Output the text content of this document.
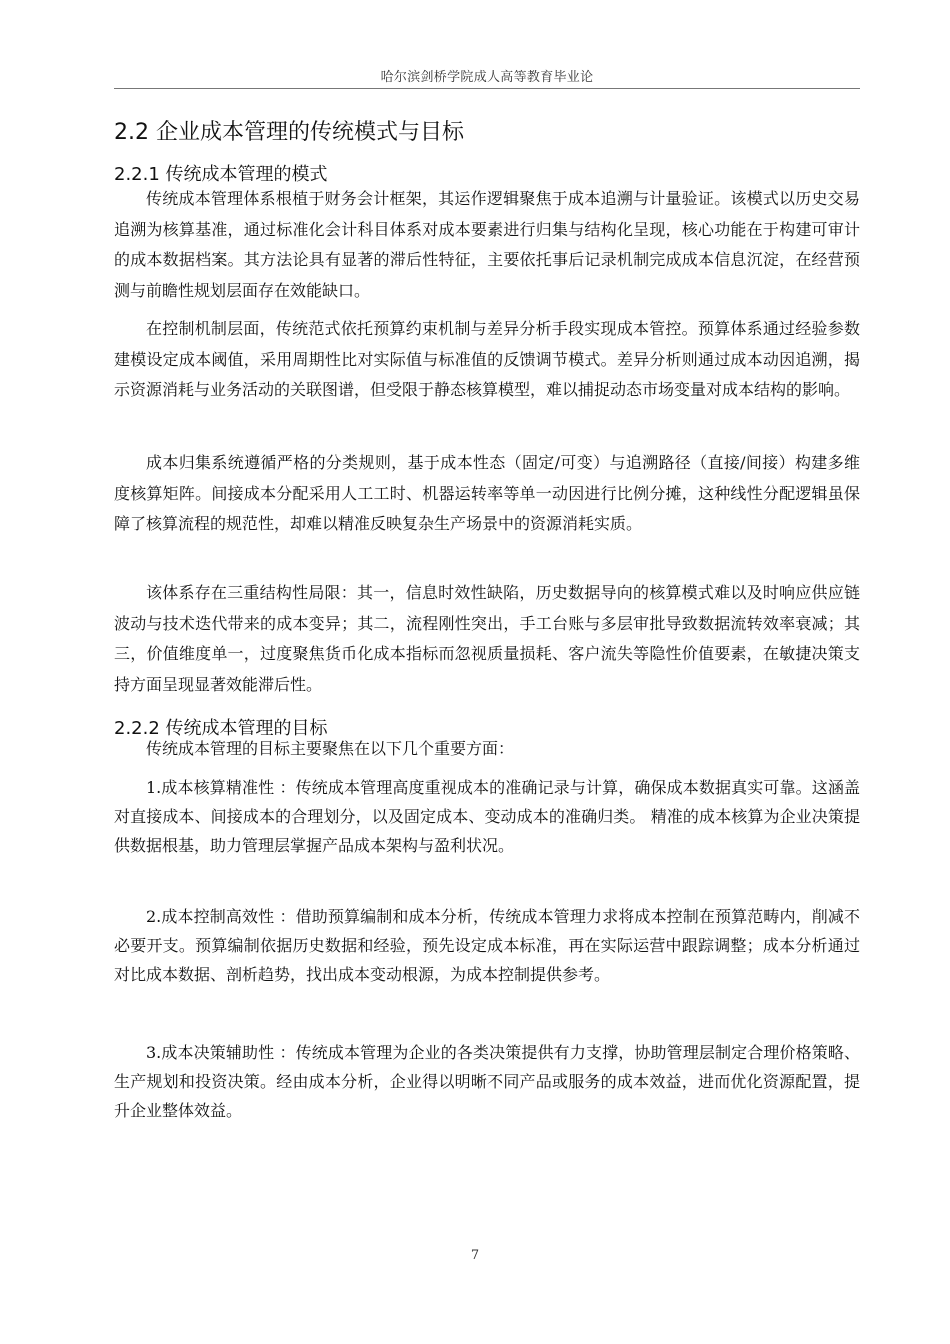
哈尔滨剑桥学院成人高等教育毕业论
2.2 企业成本管理的传统模式与目标
2.2.1 传统成本管理的模式

传统成本管理体系根植于财务会计框架，其运作逻辑聚焦于成本追溯与计量验证。该模式以历史交易追溯为核算基准，通过标准化会计科目体系对成本要素进行归集与结构化呈现，核心功能在于构建可审计的成本数据档案。其方法论具有显著的滞后性特征，主要依托事后记录机制完成成本信息沉淀，在经营预测与前瞻性规划层面存在效能缺口。

在控制机制层面，传统范式依托预算约束机制与差异分析手段实现成本管控。预算体系通过经验参数建模设定成本阈值，采用周期性比对实际值与标准值的反馈调节模式。差异分析则通过成本动因追溯，揭示资源消耗与业务活动的关联图谱，但受限于静态核算模型，难以捕捉动态市场变量对成本结构的影响。

成本归集系统遵循严格的分类规则，基于成本性态（固定/可变）与追溯路径（直接/间接）构建多维度核算矩阵。间接成本分配采用人工工时、机器运转率等单一动因进行比例分摊，这种线性分配逻辑虽保障了核算流程的规范性，却难以精准反映复杂生产场景中的资源消耗实质。

该体系存在三重结构性局限：其一，信息时效性缺陷，历史数据导向的核算模式难以及时响应供应链波动与技术迭代带来的成本变异；其二，流程刚性突出，手工台账与多层审批导致数据流转效率衰减；其三，价值维度单一，过度聚焦货币化成本指标而忽视质量损耗、客户流失等隐性价值要素，在敏捷决策支持方面呈现显著效能滞后性。

2.2.2 传统成本管理的目标

传统成本管理的目标主要聚焦在以下几个重要方面：

1.成本核算精准性 ：传统成本管理高度重视成本的准确记录与计算，确保成本数据真实可靠。这涵盖对直接成本、间接成本的合理划分，以及固定成本、变动成本的准确归类。 精准的成本核算为企业决策提供数据根基，助力管理层掌握产品成本架构与盈利状况。

2.成本控制高效性 ：借助预算编制和成本分析，传统成本管理力求将成本控制在预算范畴内，削减不必要开支。预算编制依据历史数据和经验，预先设定成本标准，再在实际运营中跟踪调整；成本分析通过对比成本数据、剖析趋势，找出成本变动根源，为成本控制提供参考。

3.成本决策辅助性 ：传统成本管理为企业的各类决策提供有力支撑，协助管理层制定合理价格策略、生产规划和投资决策。经由成本分析，企业得以明晰不同产品或服务的成本效益，进而优化资源配置，提升企业整体效益。

7
